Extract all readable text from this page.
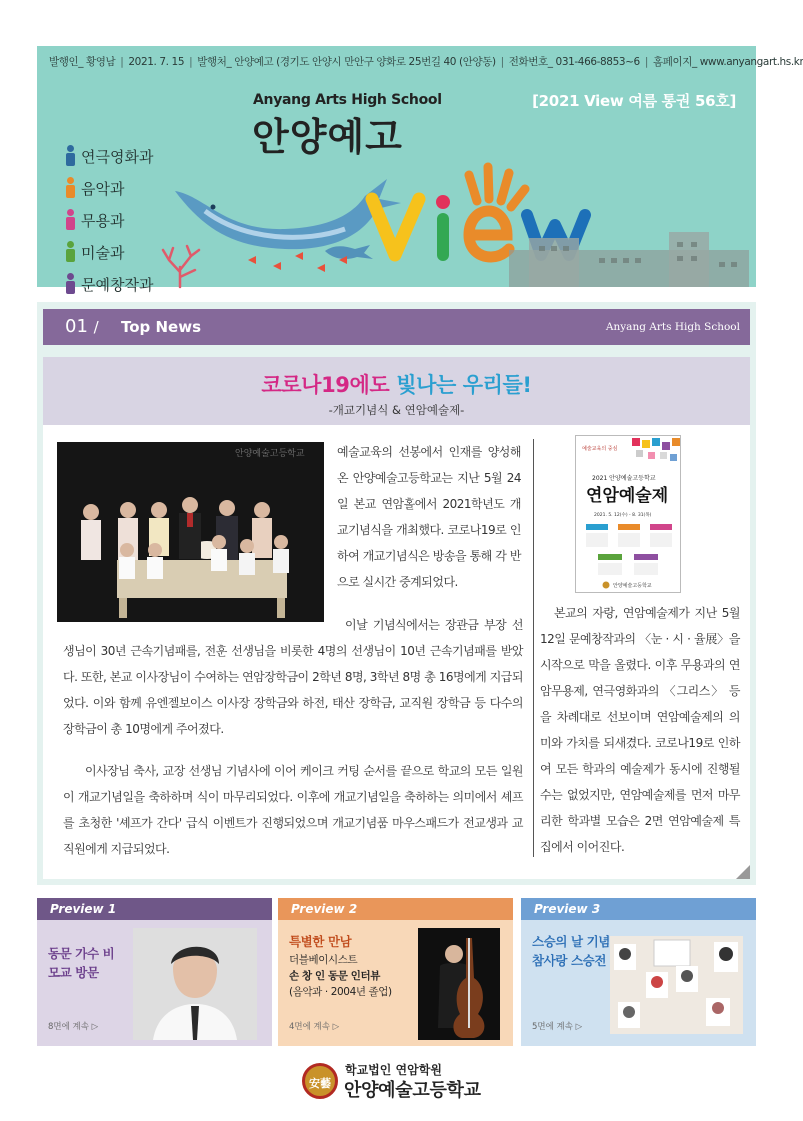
발행인_ 황영남 | 2021. 7. 15 | 발행처_ 안양예고 (경기도 안양시 만안구 양화로 25번길 40 (안양동) | 전화번호_ 031-466-8853~6 | 홈페이지_ www.anyangart.hs.kr
연극영화과
음악과
무용과
미술과
문예창작과
Anyang Arts High School
안양예고
[2021 View 여름 통권 56호]
01 / Top News	Anyang Arts High School
코로나19에도 빛나는 우리들!
-개교기념식 & 연암예술제-
안양예술고등학교	예술교육의 선봉에서 인재를 양성해온 안양예술고등학교는 지난 5월 24일 본교 연암홀에서 2021학년도 개교기념식을 개최했다. 코로나19로 인하여 개교기념식은 방송을 통해 각 반으로 실시간 중계되었다.

이날 기념식에서는 장관금 부장 선생님이 30년 근속기념패를, 전훈 선생님을 비롯한 4명의 선생님이 10년 근속기념패를 받았다. 또한, 본교 이사장님이 수여하는 연암장학금이 2학년 8명, 3학년 8명 총 16명에게 지급되었다. 이와 함께 유엔젤보이스 이사장 장학금와 하전, 태산 장학금, 교직원 장학금 등 다수의 장학금이 총 10명에게 주어졌다.

이사장님 축사, 교장 선생님 기념사에 이어 케이크 커팅 순서를 끝으로 학교의 모든 일원이 개교기념일을 축하하며 식이 마무리되었다. 이후에 개교기념일을 축하하는 의미에서 셰프를 초청한 '셰프가 간다' 급식 이벤트가 진행되었으며 개교기념품 마우스패드가 전교생과 교직원에게 지급되었다.

예술교육의 중심
2021 안양예술고등학교
연암예술제
2021. 5. 12(수) - 8. 31(목)
안양예술고등학교

본교의 자랑, 연암예술제가 지난 5월 12일 문예창작과의 〈눈 · 시 · 율展〉을 시작으로 막을 올렸다. 이후 무용과의 연암무용제, 연극영화과의 〈그리스〉 등을 차례대로 선보이며 연암예술제의 의미와 가치를 되새겼다. 코로나19로 인하여 모든 학과의 예술제가 동시에 진행될 수는 없었지만, 연암예술제를 먼저 마무리한 학과별 모습은 2면 연암예술제 특집에서 이어진다.

Preview 1
동문 가수 비
모교 방문
8면에 계속 ▷
Preview 2
특별한 만남
더블베이시스트
손 창 인 동문 인터뷰
(음악과 · 2004년 졸업)
4면에 계속 ▷
Preview 3
스승의 날 기념
참사랑 스승전
5면에 계속 ▷
安藝
학교법인 연암학원
안양예술고등학교
